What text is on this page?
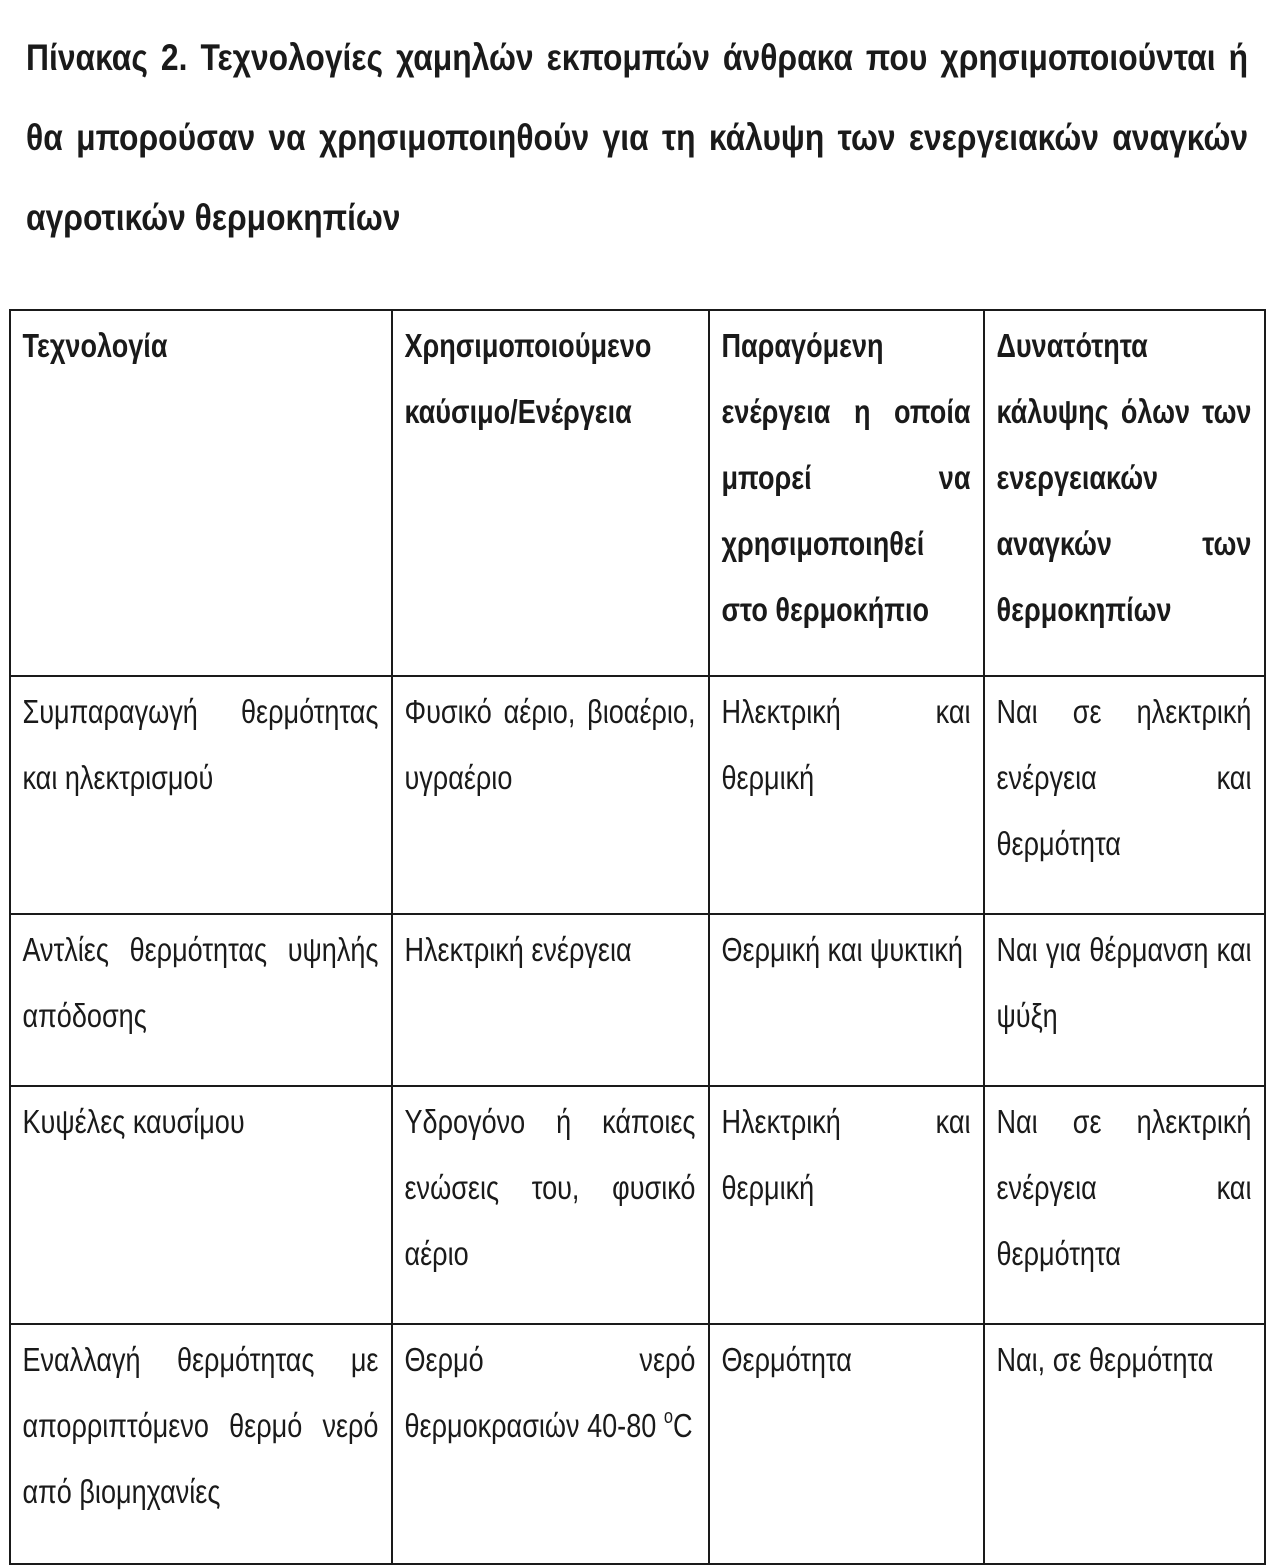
Πίνακας 2. Τεχνολογίες χαμηλών εκπομπών άνθρακα που χρησιμοποιούνται ή θα μπορούσαν να χρησιμοποιηθούν για τη κάλυψη των ενεργειακών αναγκών αγροτικών θερμοκηπίων
Τεχνολογία	Χρησιμοποιούμενο καύσιμο/Ενέργεια	Παραγόμενη ενέργεια η οποία μπορεί να χρησιμοποιηθεί στο θερμοκήπιο	Δυνατότητα κάλυψης όλων των ενεργειακών αναγκών των θερμοκηπίων

Συμπαραγωγή θερμότητας και ηλεκτρισμού	Φυσικό αέριο, βιοαέριο, υγραέριο	Ηλεκτρική και θερμική	Ναι σε ηλεκτρική ενέργεια και θερμότητα

Αντλίες θερμότητας υψηλής απόδοσης	Ηλεκτρική ενέργεια	Θερμική και ψυκτική	Ναι για θέρμανση και ψύξη

Κυψέλες καυσίμου	Υδρογόνο ή κάποιες ενώσεις του, φυσικό αέριο	Ηλεκτρική και θερμική	Ναι σε ηλεκτρική ενέργεια και θερμότητα

Εναλλαγή θερμότητας με απορριπτόμενο θερμό νερό από βιομηχανίες	Θερμό νερό θερμοκρασιών 40-80 $^o$C	Θερμότητα	Ναι, σε θερμότητα
